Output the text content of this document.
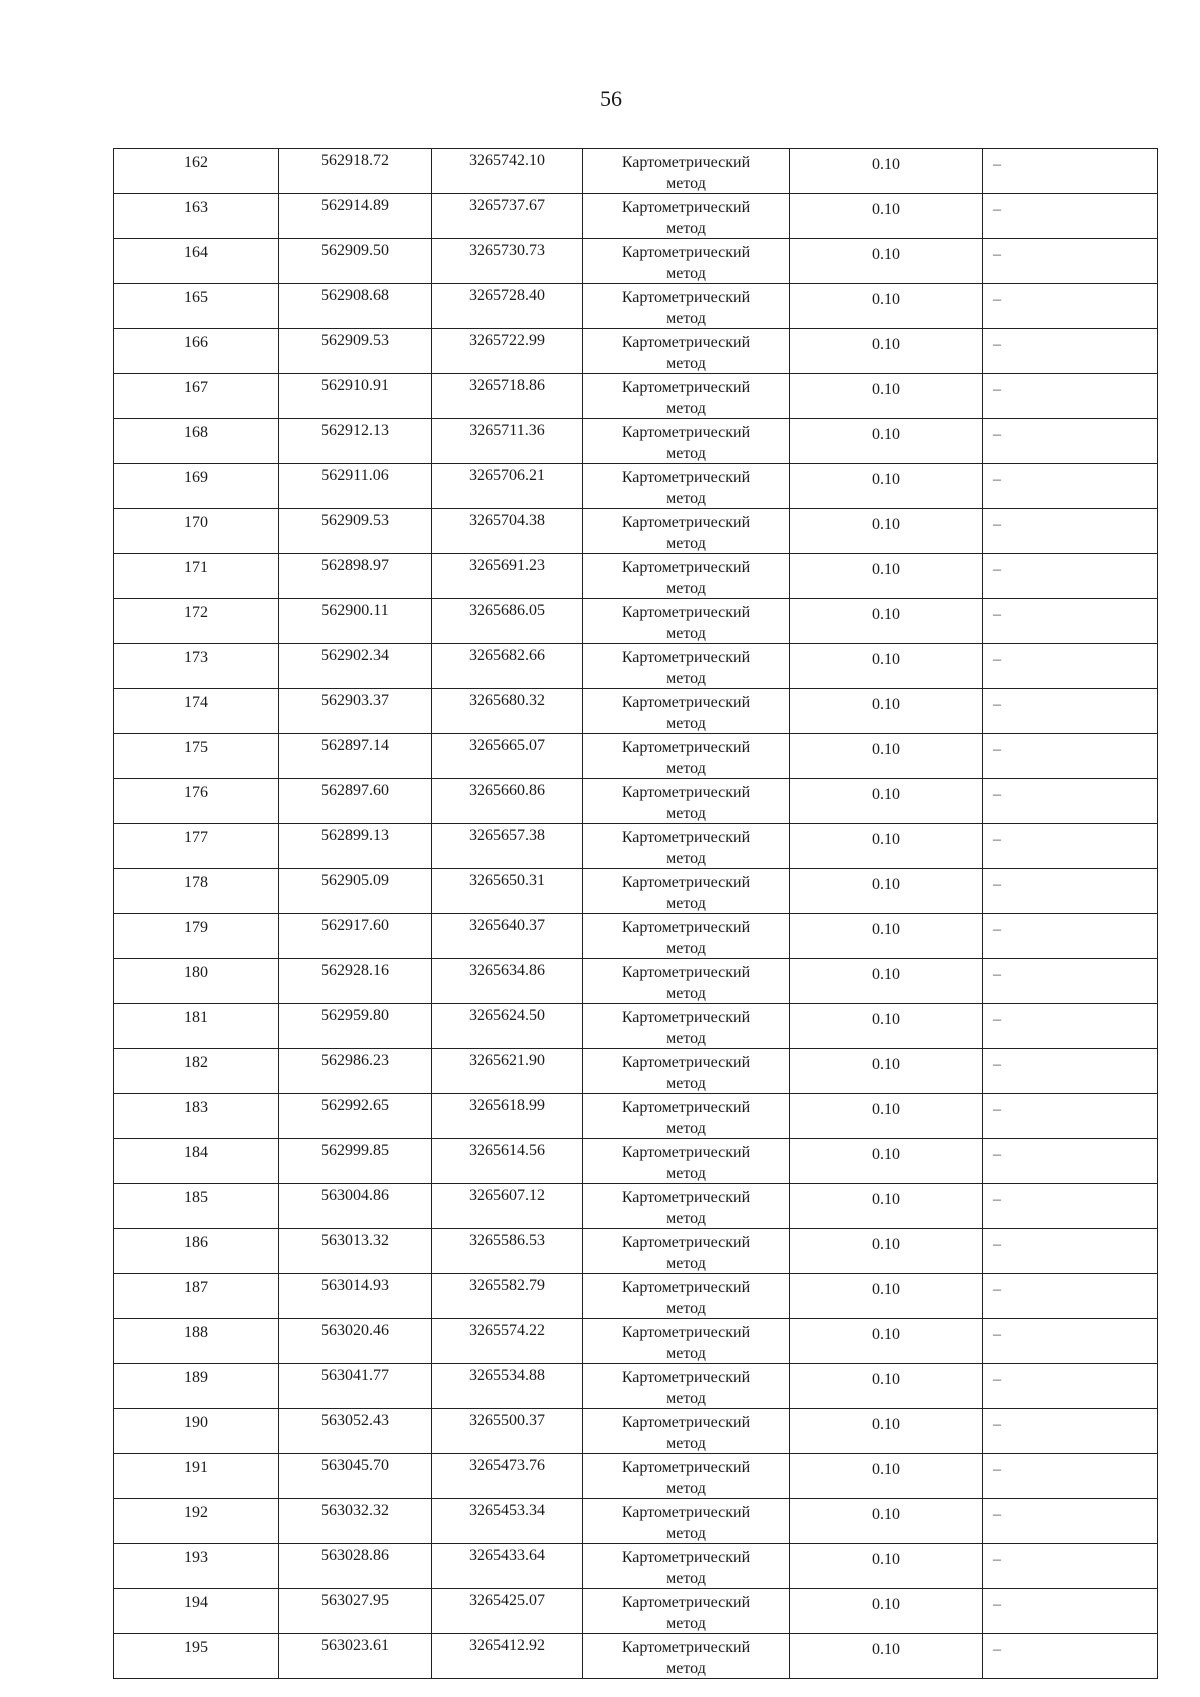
56
162	562918.72	3265742.10	Картометрический
метод	0.10	–

163	562914.89	3265737.67	Картометрический
метод	0.10	–

164	562909.50	3265730.73	Картометрический
метод	0.10	–

165	562908.68	3265728.40	Картометрический
метод	0.10	–

166	562909.53	3265722.99	Картометрический
метод	0.10	–

167	562910.91	3265718.86	Картометрический
метод	0.10	–

168	562912.13	3265711.36	Картометрический
метод	0.10	–

169	562911.06	3265706.21	Картометрический
метод	0.10	–

170	562909.53	3265704.38	Картометрический
метод	0.10	–

171	562898.97	3265691.23	Картометрический
метод	0.10	–

172	562900.11	3265686.05	Картометрический
метод	0.10	–

173	562902.34	3265682.66	Картометрический
метод	0.10	–

174	562903.37	3265680.32	Картометрический
метод	0.10	–

175	562897.14	3265665.07	Картометрический
метод	0.10	–

176	562897.60	3265660.86	Картометрический
метод	0.10	–

177	562899.13	3265657.38	Картометрический
метод	0.10	–

178	562905.09	3265650.31	Картометрический
метод	0.10	–

179	562917.60	3265640.37	Картометрический
метод	0.10	–

180	562928.16	3265634.86	Картометрический
метод	0.10	–

181	562959.80	3265624.50	Картометрический
метод	0.10	–

182	562986.23	3265621.90	Картометрический
метод	0.10	–

183	562992.65	3265618.99	Картометрический
метод	0.10	–

184	562999.85	3265614.56	Картометрический
метод	0.10	–

185	563004.86	3265607.12	Картометрический
метод	0.10	–

186	563013.32	3265586.53	Картометрический
метод	0.10	–

187	563014.93	3265582.79	Картометрический
метод	0.10	–

188	563020.46	3265574.22	Картометрический
метод	0.10	–

189	563041.77	3265534.88	Картометрический
метод	0.10	–

190	563052.43	3265500.37	Картометрический
метод	0.10	–

191	563045.70	3265473.76	Картометрический
метод	0.10	–

192	563032.32	3265453.34	Картометрический
метод	0.10	–

193	563028.86	3265433.64	Картометрический
метод	0.10	–

194	563027.95	3265425.07	Картометрический
метод	0.10	–

195	563023.61	3265412.92	Картометрический
метод	0.10	–
